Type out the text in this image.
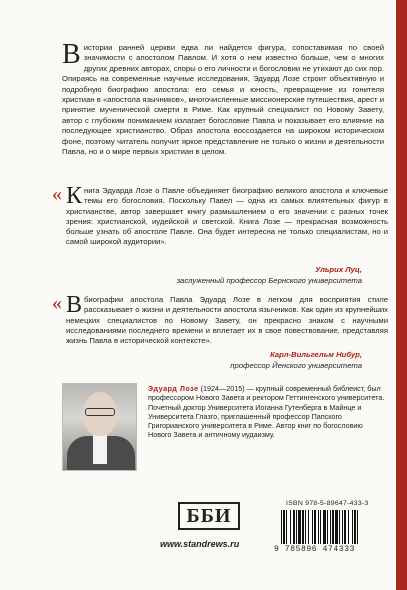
Вистории ранней церкви едва ли найдется фигура, сопоставимая по своей значимости с апостолом Павлом. И хотя о нем известно больше, чем о многих других древних авторах, споры о его личности и богословии не утихают до сих пор. Опираясь на современные научные исследования, Эдуард Лозе строит объективную и подробную биографию апостола: его семья и юность, превращение из гонителя христиан в «апостола язычников», многочисленные миссионерские путешествия, арест и принятие мученической смерти в Риме. Как крупный специалист по Новому Завету, автор с глубоким пониманием излагает богословие Павла и показывает его влияние на последующее христианство. Образ апостола воссоздается на широком историческом фоне, поэтому читатель получит яркое представление не только о жизни и деятельности Павла, но и о мире первых христиан в целом.
« К нига Эдуарда Лозе о Павле объединяет биографию великого апостола и ключевые темы его богословия. Поскольку Павел — одна из самых влиятельных фигур в христианстве, автор завершает книгу размышлением о его значении с разных точек зрения: христианской, иудейской и светской. Книга Лозе — прекрасная возможность больше узнать об апостоле Павле. Она будет интересна не только специалистам, но и самой широкой аудитории».
Ульрих Луц,
заслуженный профессор Бернского университета
« В биографии апостола Павла Эдуард Лозе в легком для восприятия стиле рассказывает о жизни и деятельности апостола язычников. Как один из крупнейших немецких специалистов по Новому Завету, он прекрасно знаком с научными исследованиями последнего времени и вплетает их в свое повествование, представляя жизнь Павла в исторической контексте».
Карл-Вильгельм Нибур,
профессор Йенского университета
Эдуард Лозе (1924—2015) — крупный современный библеист, был профессором Нового Завета и ректором Геттингенского университета. Почетный доктор Университета Иоганна Гутенберга в Майнце и Университета Глазго, приглашенный профессор Папского Григорианского университета в Риме. Автор книг по богословию Нового Завета и античному иудаизму.
ББИ
www.standrews.ru
ISBN 978-5-89647-433-3
9 785896 474333
